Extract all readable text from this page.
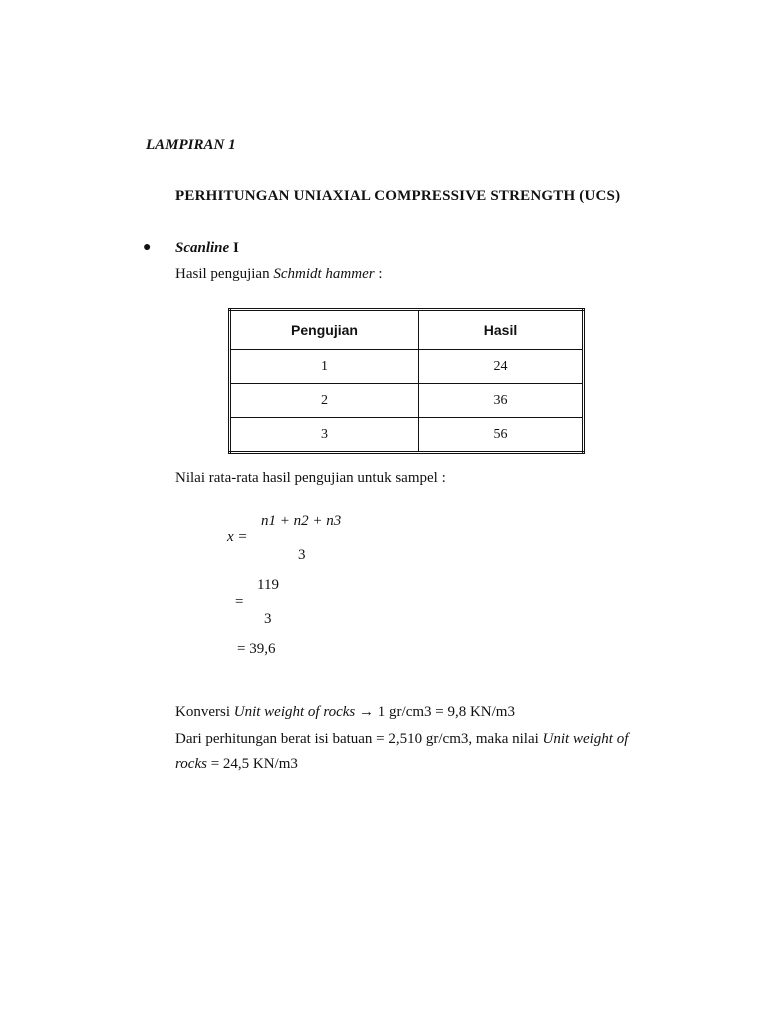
LAMPIRAN 1
PERHITUNGAN UNIAXIAL COMPRESSIVE STRENGTH (UCS)
● Scanline I
Hasil pengujian Schmidt hammer :
Pengujian	Hasil
1	24
2	36
3	56
Nilai rata-rata hasil pengujian untuk sampel :
n1 + n2 + n3
x =
3
119
=
3
= 39,6
Konversi Unit weight of rocks → 1 gr/cm3 = 9,8 KN/m3
Dari perhitungan berat isi batuan = 2,510 gr/cm3, maka nilai Unit weight of
rocks = 24,5 KN/m3
